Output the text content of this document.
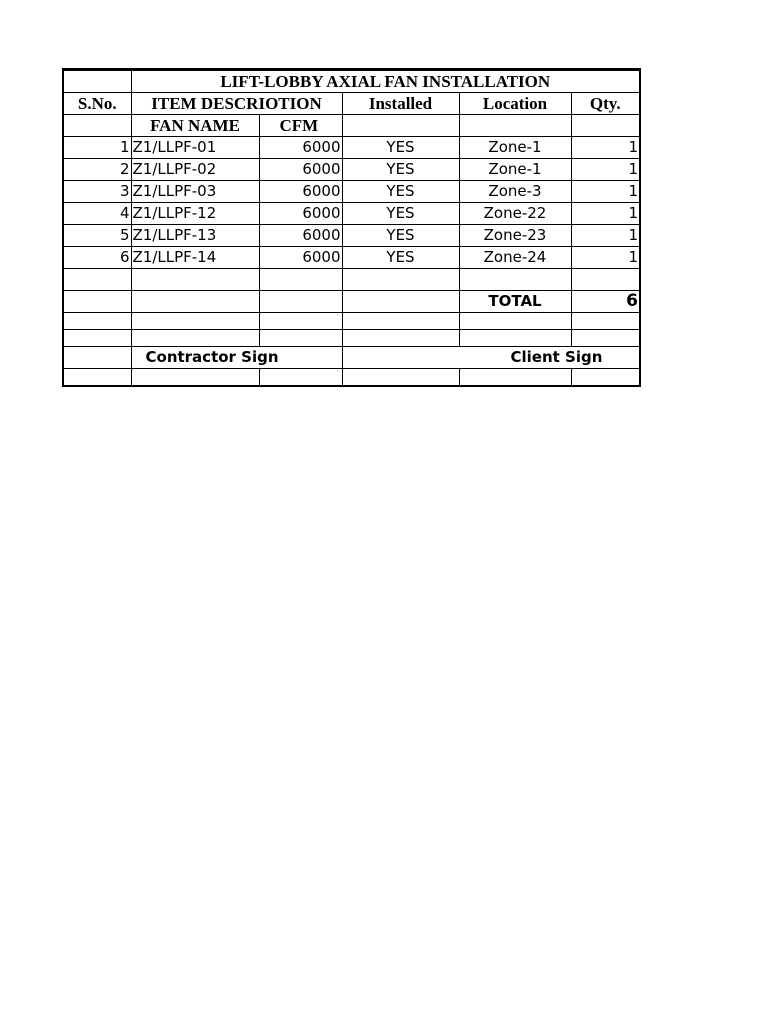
	LIFT-LOBBY AXIAL FAN INSTALLATION				
S.No.	ITEM DESCRIOTION		Installed	Location	Qty.
	FAN NAME	CFM			
1	Z1/LLPF-01	6000	YES	Zone-1	1
2	Z1/LLPF-02	6000	YES	Zone-1	1
3	Z1/LLPF-03	6000	YES	Zone-3	1
4	Z1/LLPF-12	6000	YES	Zone-22	1
5	Z1/LLPF-13	6000	YES	Zone-23	1
6	Z1/LLPF-14	6000	YES	Zone-24	1

				TOTAL	6

	Contractor Sign		Client Sign		
